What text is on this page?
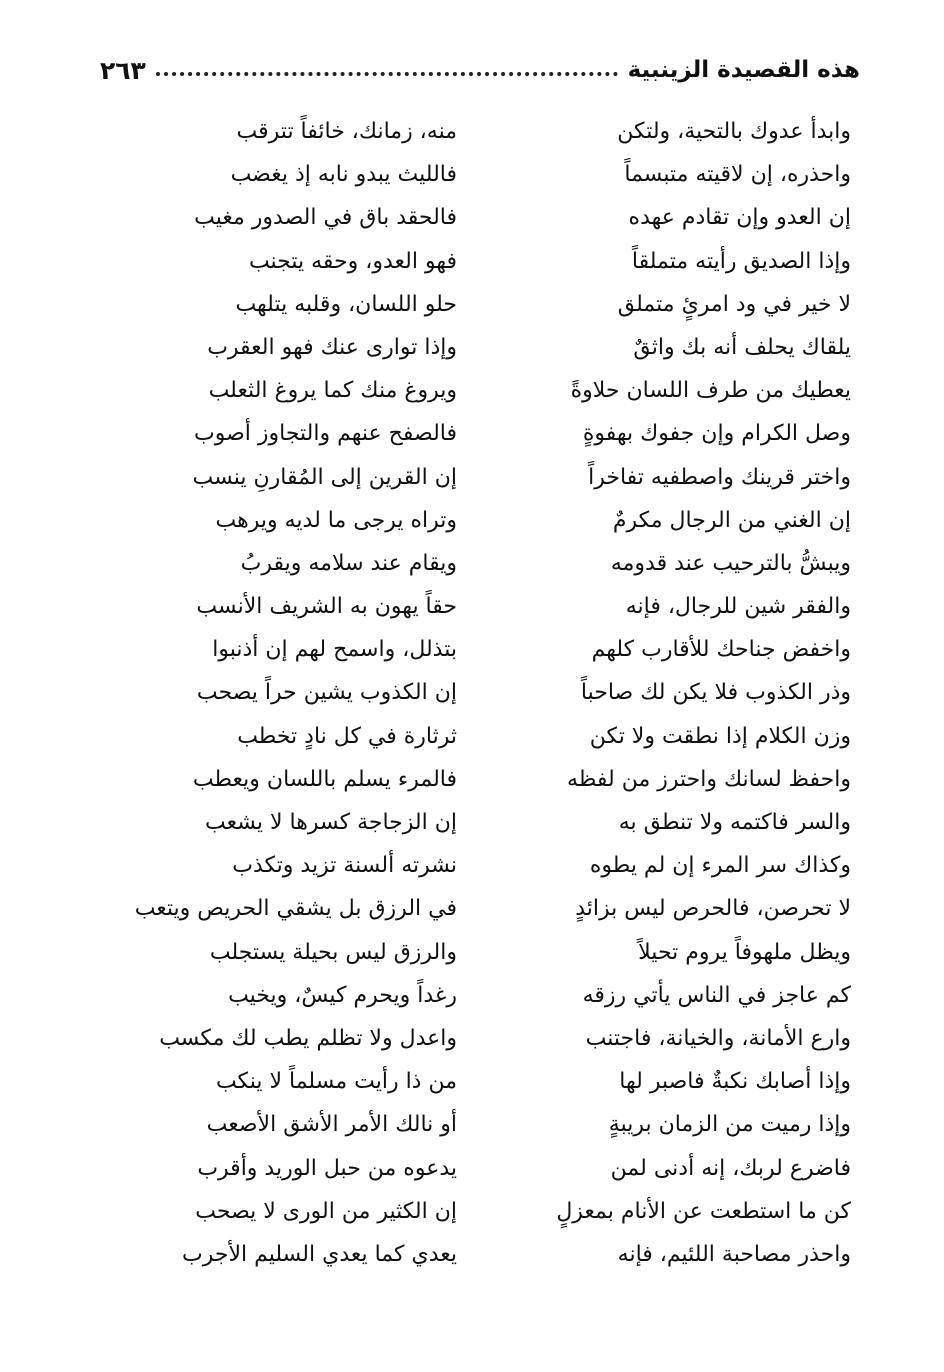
هذه القصيدة الزينبية
٢٦٣
وابدأ عدوك بالتحية، ولتكن
واحذره، إن لاقيته متبسماً
إن العدو وإن تقادم عهده
وإذا الصديق رأيته متملقاً
لا خير في ود امرئٍ متملق
يلقاك يحلف أنه بك واثقٌ
يعطيك من طرف اللسان حلاوةً
وصل الكرام وإن جفوك بهفوةٍ
واختر قرينك واصطفيه تفاخراً
إن الغني من الرجال مكرمٌ
ويبشُّ بالترحيب عند قدومه
والفقر شين للرجال، فإنه
واخفض جناحك للأقارب كلهم
وذر الكذوب فلا يكن لك صاحباً
وزن الكلام إذا نطقت ولا تكن
واحفظ لسانك واحترز من لفظه
والسر فاكتمه ولا تنطق به
وكذاك سر المرء إن لم يطوه
لا تحرصن، فالحرص ليس بزائدٍ
ويظل ملهوفاً يروم تحيلاً
كم عاجز في الناس يأتي رزقه
وارع الأمانة، والخيانة، فاجتنب
وإذا أصابك نكبةٌ فاصبر لها
وإذا رميت من الزمان بريبةٍ
فاضرع لربك، إنه أدنى لمن
كن ما استطعت عن الأنام بمعزلٍ
واحذر مصاحبة اللئيم، فإنه
منه، زمانك، خائفاً تترقب
فالليث يبدو نابه إذ يغضب
فالحقد باق في الصدور مغيب
فهو العدو، وحقه يتجنب
حلو اللسان، وقلبه يتلهب
وإذا توارى عنك فهو العقرب
ويروغ منك كما يروغ الثعلب
فالصفح عنهم والتجاوز أصوب
إن القرين إلى المُقارنِ ينسب
وتراه يرجى ما لديه ويرهب
ويقام عند سلامه ويقربُ
حقاً يهون به الشريف الأنسب
بتذلل، واسمح لهم إن أذنبوا
إن الكذوب يشين حراً يصحب
ثرثارة في كل نادٍ تخطب
فالمرء يسلم باللسان ويعطب
إن الزجاجة كسرها لا يشعب
نشرته ألسنة تزيد وتكذب
في الرزق بل يشقي الحريص ويتعب
والرزق ليس بحيلة يستجلب
رغداً ويحرم كيسٌ، ويخيب
واعدل ولا تظلم يطب لك مكسب
من ذا رأيت مسلماً لا ينكب
أو نالك الأمر الأشق الأصعب
يدعوه من حبل الوريد وأقرب
إن الكثير من الورى لا يصحب
يعدي كما يعدي السليم الأجرب
